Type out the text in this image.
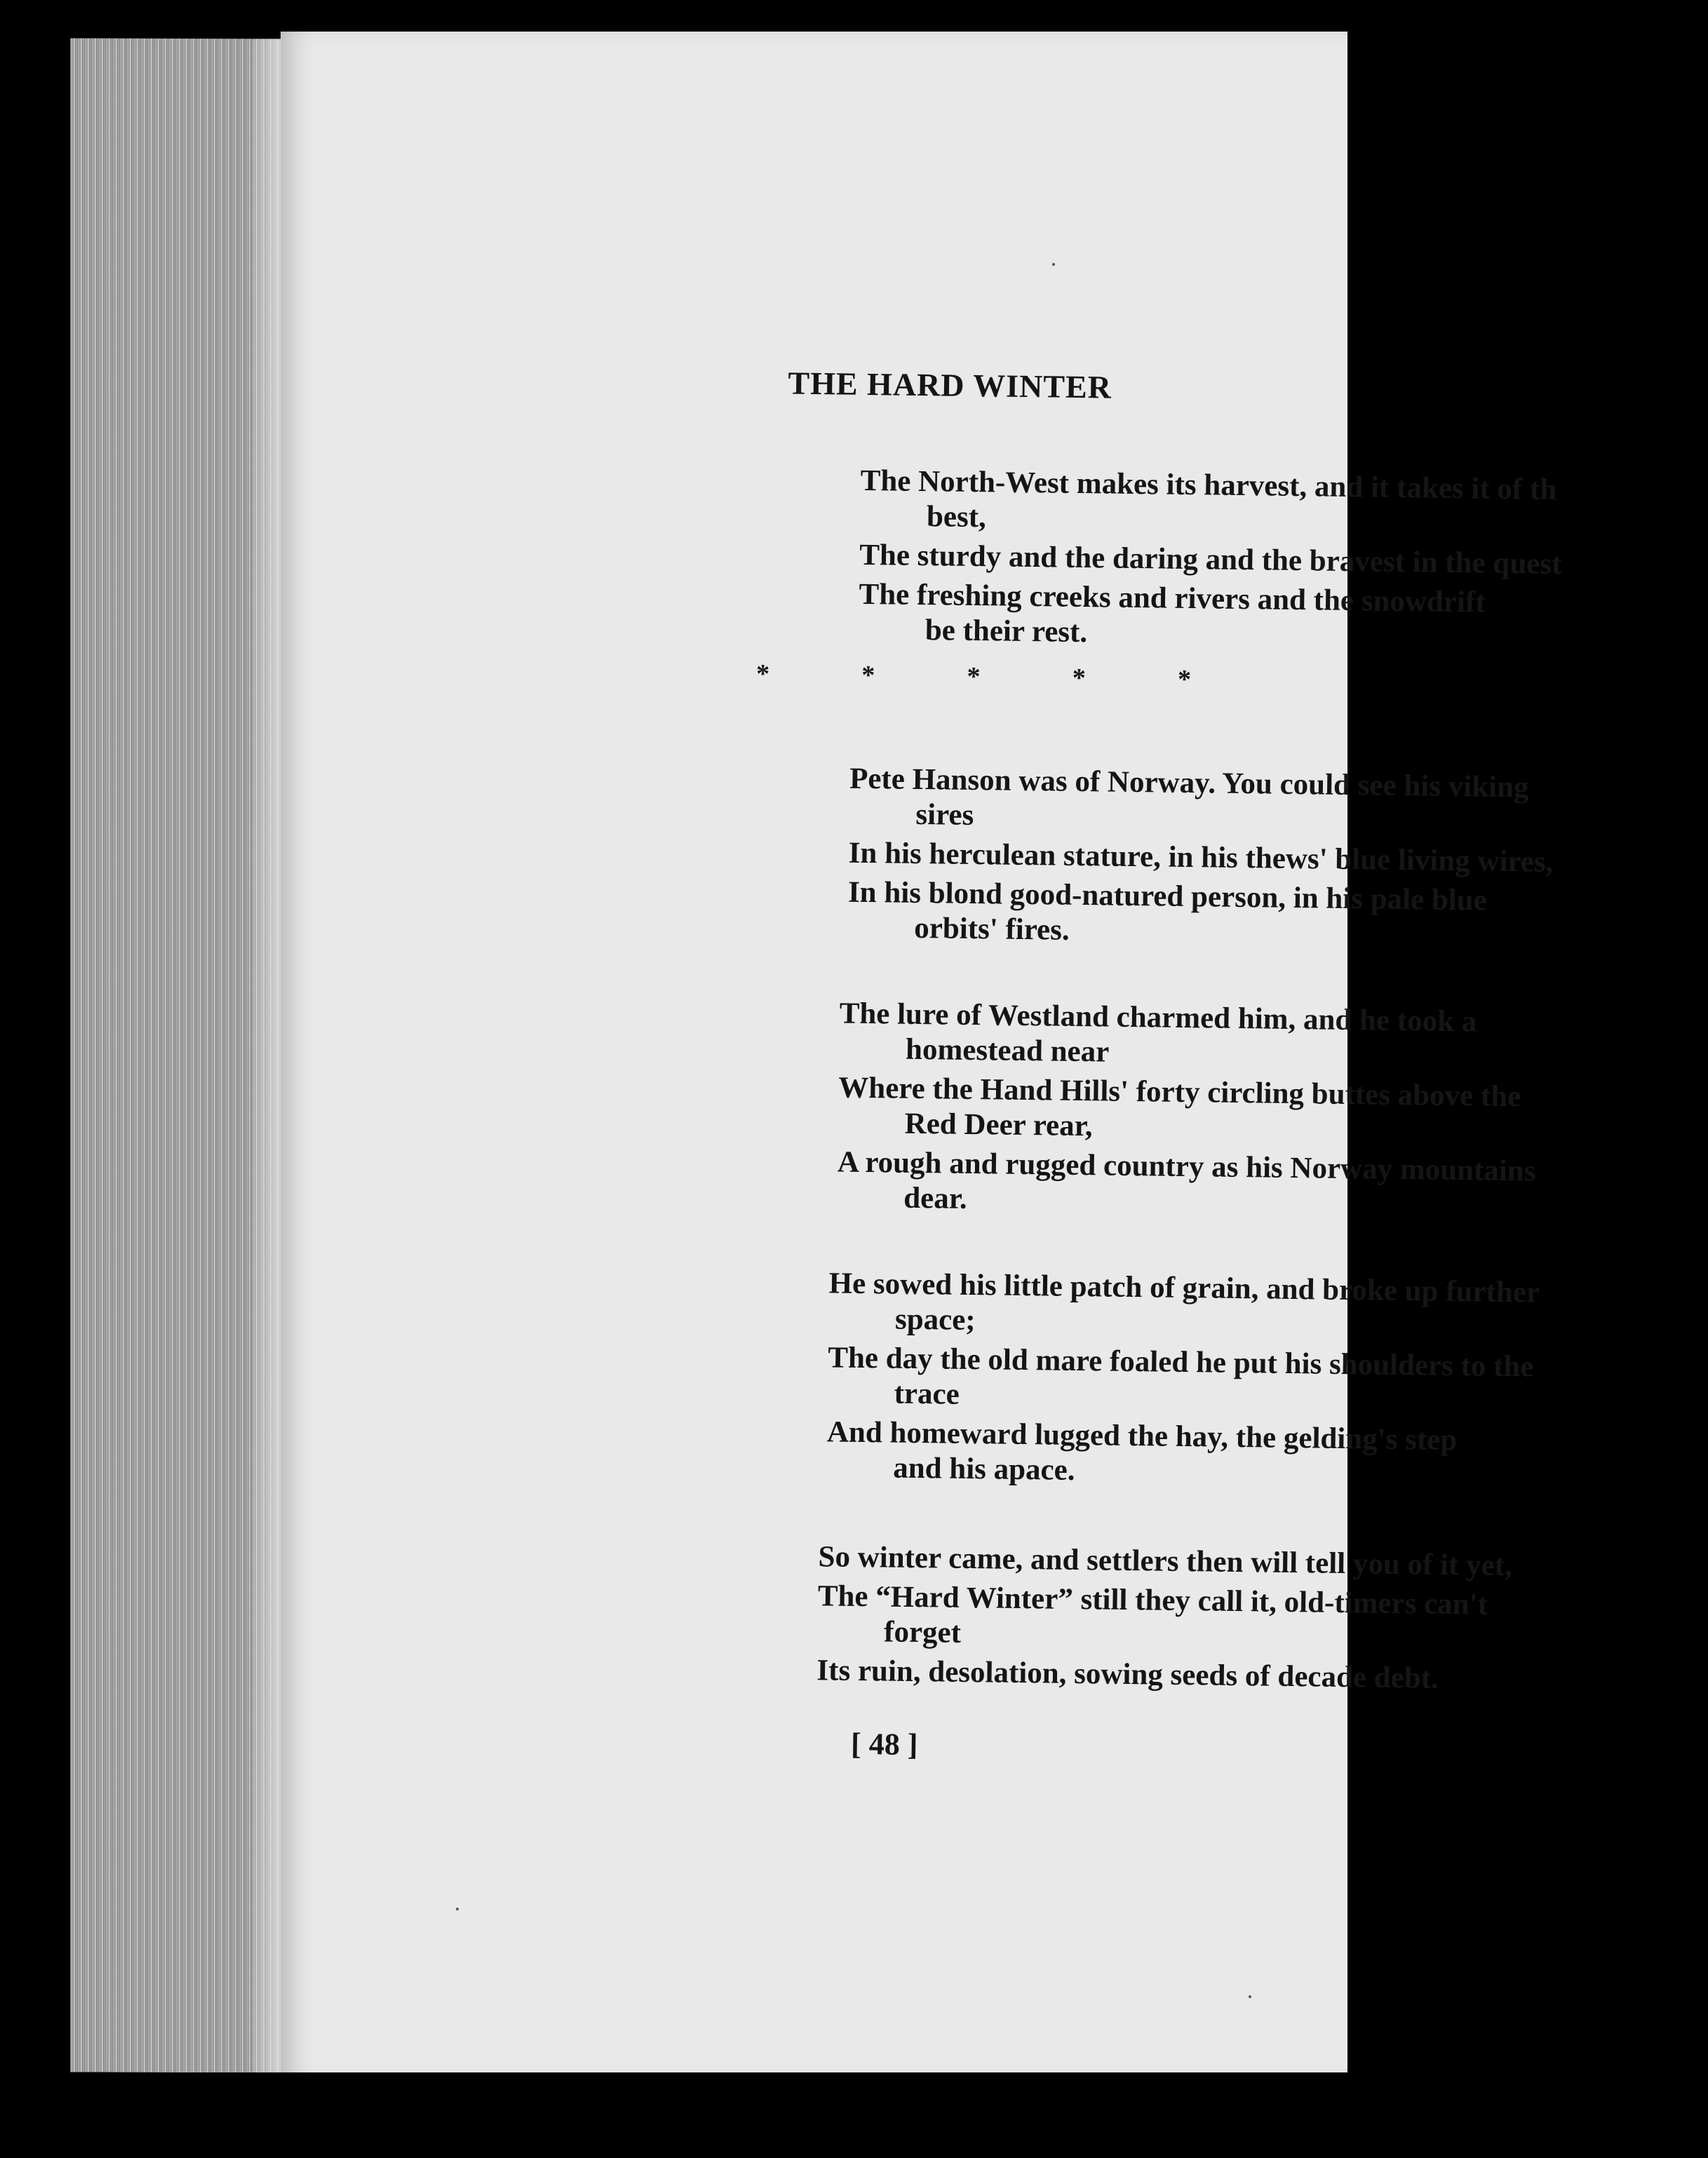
THE HARD WINTER
The North-West makes its harvest, and it takes it of th
best,
The sturdy and the daring and the bravest in the quest
The freshing creeks and rivers and the snowdrift
be their rest.
*	*	*	*	*
Pete Hanson was of Norway. You could see his viking
sires
In his herculean stature, in his thews' blue living wires,
In his blond good-natured person, in his pale blue
orbits' fires.
The lure of Westland charmed him, and he took a
homestead near
Where the Hand Hills' forty circling buttes above the
Red Deer rear,
A rough and rugged country as his Norway mountains
dear.
He sowed his little patch of grain, and broke up further
space;
The day the old mare foaled he put his shoulders to the
trace
And homeward lugged the hay, the gelding's step
and his apace.
So winter came, and settlers then will tell you of it yet,
The “Hard Winter” still they call it, old-timers can't
forget
Its ruin, desolation, sowing seeds of decade debt.
[ 48 ]
